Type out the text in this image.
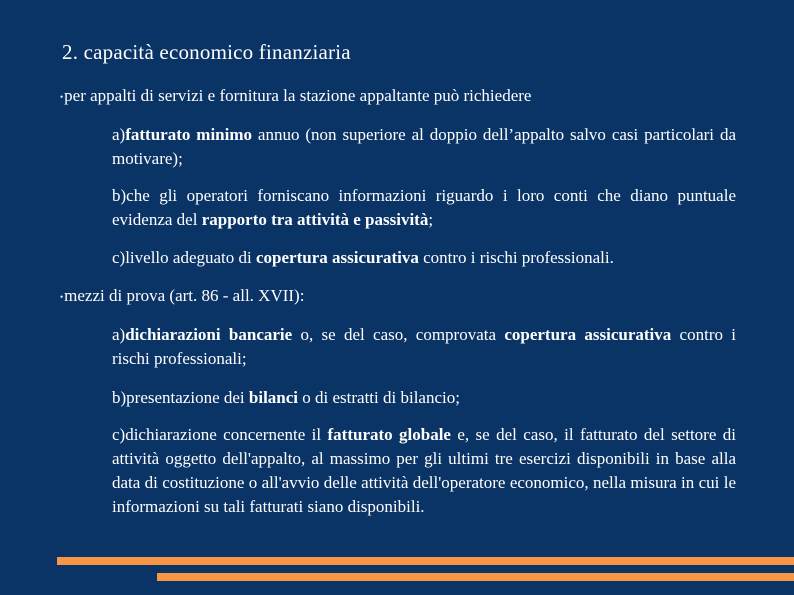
2. capacità economico finanziaria
•per appalti di servizi e fornitura la stazione appaltante può richiedere
a)fatturato minimo annuo (non superiore al doppio dell’appalto salvo casi particolari da motivare);
b)che gli operatori forniscano informazioni riguardo i loro conti che diano puntuale evidenza del rapporto tra attività e passività;
c)livello adeguato di copertura assicurativa contro i rischi professionali.
•mezzi di prova (art. 86 - all. XVII):
a)dichiarazioni bancarie o, se del caso, comprovata copertura assicurativa contro i rischi professionali;
b)presentazione dei bilanci o di estratti di bilancio;
c)dichiarazione concernente il fatturato globale e, se del caso, il fatturato del settore di attività oggetto dell'appalto, al massimo per gli ultimi tre esercizi disponibili in base alla data di costituzione o all'avvio delle attività dell'operatore economico, nella misura in cui le informazioni su tali fatturati siano disponibili.
